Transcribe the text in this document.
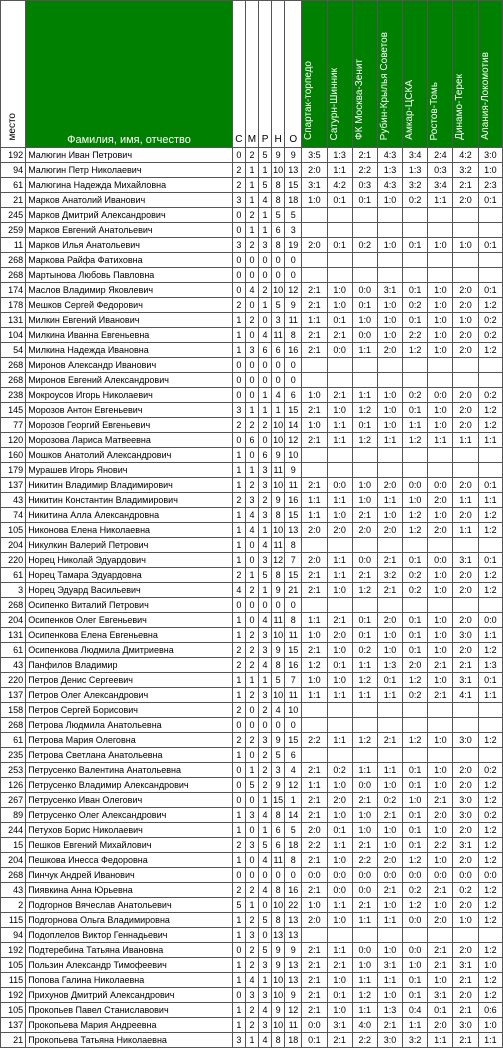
место	Фамилия, имя, отчество	С	М	Р	Н	О	Спартак-торпедо	Сатурн-Шинник	ФК Москва-Зенит	Рубин-Крылья Советов	Амкар-ЦСКА	Ростов-Томь	Динамо-Терек	Алания-Локомотив
192	Малюгин Иван Петрович	0	2	5	9	9	3:5	1:3	2:1	4:3	3:4	2:4	4:2	3:0
94	Малюгин Петр Николаевич	2	1	1	10	13	2:0	1:1	2:2	1:3	1:3	0:3	3:2	1:0
61	Малюгина Надежда Михайловна	2	1	5	8	15	3:1	4:2	0:3	4:3	3:2	3:4	2:1	2:3
21	Марков Анатолий Иванович	3	1	4	8	18	1:0	0:1	0:1	1:0	0:2	1:1	2:0	0:1
245	Марков Дмитрий Александрович	0	2	1	5	5								
259	Марков Евгений Анатольевич	0	1	1	6	3								
11	Марков Илья Анатольевич	3	2	3	8	19	2:0	0:1	0:2	1:0	0:1	1:0	1:0	0:1
268	Маркова Райфа Фатиховна	0	0	0	0	0								
268	Мартынова Любовь Павловна	0	0	0	0	0								
174	Маслов Владимир Яковлевич	0	4	2	10	12	2:1	1:0	0:0	3:1	0:1	1:0	2:0	0:1
178	Мешков Сергей Федорович	2	0	1	5	9	2:1	1:0	0:1	1:0	0:2	1:0	2:0	1:2
131	Милкин Евгений Иванович	1	2	0	3	11	1:1	0:1	1:0	1:0	0:1	1:0	1:0	0:2
104	Милкина Иванна Евгеньевна	1	0	4	11	8	2:1	2:1	0:0	1:0	2:2	1:0	2:0	0:2
54	Милкина Надежда Ивановна	1	3	6	6	16	2:1	0:0	1:1	2:0	1:2	1:0	2:0	1:2
268	Миронов Александр Иванович	0	0	0	0	0								
268	Миронов Евгений Александрович	0	0	0	0	0								
238	Мокроусов Игорь Николаевич	0	0	1	4	6	1:0	2:1	1:1	1:0	0:2	0:0	2:0	0:2
145	Морозов Антон Евгеньевич	3	1	1	1	15	2:1	1:0	1:2	1:0	0:1	1:0	2:0	1:2
77	Морозов Георгий Евгеньевич	2	2	2	10	14	1:0	1:1	0:1	1:0	1:1	1:0	2:0	1:2
120	Морозова Лариса Матвеевна	0	6	0	10	12	2:1	1:1	1:2	1:1	1:2	1:1	1:1	1:1
160	Мошков Анатолий Александрович	1	0	6	9	10								
179	Мурашев Игорь Янович	1	1	3	11	9								
137	Никитин Владимир Владимирович	1	2	3	10	11	2:1	0:0	1:0	2:0	0:0	0:0	2:0	0:1
43	Никитин Константин Владимирович	2	3	2	9	16	1:1	1:1	1:0	1:1	1:0	2:0	1:1	1:1
74	Никитина Алла Александровна	1	4	3	8	15	1:1	1:0	2:1	1:0	1:2	1:0	2:0	1:2
105	Никонова Елена Николаевна	1	4	1	10	13	2:0	2:0	2:0	2:0	1:2	2:0	1:1	1:2
204	Никулкин Валерий Петрович	1	0	4	11	8								
220	Норец Николай Эдуардович	1	0	3	12	7	2:0	1:1	0:0	2:1	0:1	0:0	3:1	0:1
61	Норец Тамара Эдуардовна	2	1	5	8	15	2:1	1:1	2:1	3:2	0:2	1:0	2:0	1:2
3	Норец Эдуард Васильевич	4	2	1	9	21	2:1	1:0	1:2	2:1	0:2	1:0	2:0	1:2
268	Осипенко Виталий Петрович	0	0	0	0	0								
204	Осипенков Олег Евгеньевич	1	0	4	11	8	1:1	2:1	0:1	2:0	0:1	1:0	2:0	0:0
131	Осипенкова Елена Евгеньевна	1	2	3	10	11	1:0	2:0	0:1	1:0	0:1	1:0	3:0	1:1
61	Осипенкова Людмила Дмитриевна	2	2	3	9	15	2:1	1:0	0:2	1:0	0:1	1:0	2:0	1:2
43	Панфилов Владимир	2	2	4	8	16	1:2	0:1	1:1	1:3	2:0	2:1	2:1	1:3
220	Петров Денис Сергеевич	1	1	1	5	7	1:0	1:0	1:2	0:1	1:2	1:0	3:1	0:1
137	Петров Олег Александрович	1	2	3	10	11	1:1	1:1	1:1	1:1	0:2	2:1	4:1	1:1
158	Петров Сергей Борисович	2	0	2	4	10								
268	Петрова Людмила Анатольевна	0	0	0	0	0								
61	Петрова Мария Олеговна	2	2	3	9	15	2:2	1:1	1:2	2:1	1:2	1:0	3:0	1:2
235	Петрова Светлана Анатольевна	1	0	2	5	6								
253	Петрусенко Валентина Анатольевна	0	1	2	3	4	2:1	0:2	1:1	1:1	0:1	1:0	2:0	0:2
126	Петрусенко Владимир Александрович	0	5	2	9	12	1:1	1:0	0:0	1:0	0:1	1:0	2:0	1:2
267	Петрусенко Иван Олегович	0	0	1	15	1	2:1	2:0	2:1	0:2	1:0	2:1	3:0	1:2
89	Петрусенко Олег Александрович	1	3	4	8	14	2:1	1:0	1:0	2:1	0:1	2:0	3:0	0:2
244	Петухов Борис Николаевич	1	0	1	6	5	2:0	0:1	1:0	1:0	0:1	1:0	2:0	1:2
15	Пешков Евгений Михайлович	2	3	5	6	18	2:2	1:1	2:1	1:0	0:1	2:2	3:1	1:2
204	Пешкова Инесса Федоровна	1	0	4	11	8	2:1	1:0	2:2	2:0	1:2	1:0	2:0	1:2
268	Пинчук Андрей Иванович	0	0	0	0	0	0:0	0:0	0:0	0:0	0:0	0:0	0:0	0:0
43	Пиявкина Анна Юрьевна	2	2	4	8	16	2:1	0:0	0:0	2:1	0:2	2:1	0:2	1:2
2	Подгорнов Вячеслав Анатольевич	5	1	0	10	22	1:0	1:1	2:1	1:0	1:2	1:0	2:0	1:2
115	Подгорнова Ольга Владимировна	1	2	5	8	13	2:0	1:0	1:1	1:1	0:0	2:0	1:0	1:2
94	Подоплелов Виктор Геннадьевич	1	3	0	13	13								
192	Подтеребина Татьяна Ивановна	0	2	5	9	9	2:1	1:1	0:0	1:0	0:0	2:1	2:0	1:2
105	Пользин Александр Тимофеевич	1	2	3	9	13	2:1	2:1	1:0	3:1	1:0	2:1	3:1	1:0
115	Попова Галина Николаевна	1	4	1	10	13	2:1	1:0	1:1	1:1	0:1	1:0	2:1	1:2
192	Прихунов Дмитрий Александрович	0	3	3	10	9	2:1	0:1	1:2	1:0	0:1	3:1	2:0	1:2
105	Прокопьев Павел Станиславович	1	2	4	9	12	2:1	1:0	1:1	1:3	0:4	0:1	2:1	0:6
137	Прокопьева Мария Андреевна	1	2	3	10	11	0:0	3:1	4:0	2:1	1:1	2:0	3:0	1:0
21	Прокопьева Татьяна Николаевна	3	1	4	8	18	0:1	2:1	2:2	3:0	3:2	1:1	2:1	1:1
